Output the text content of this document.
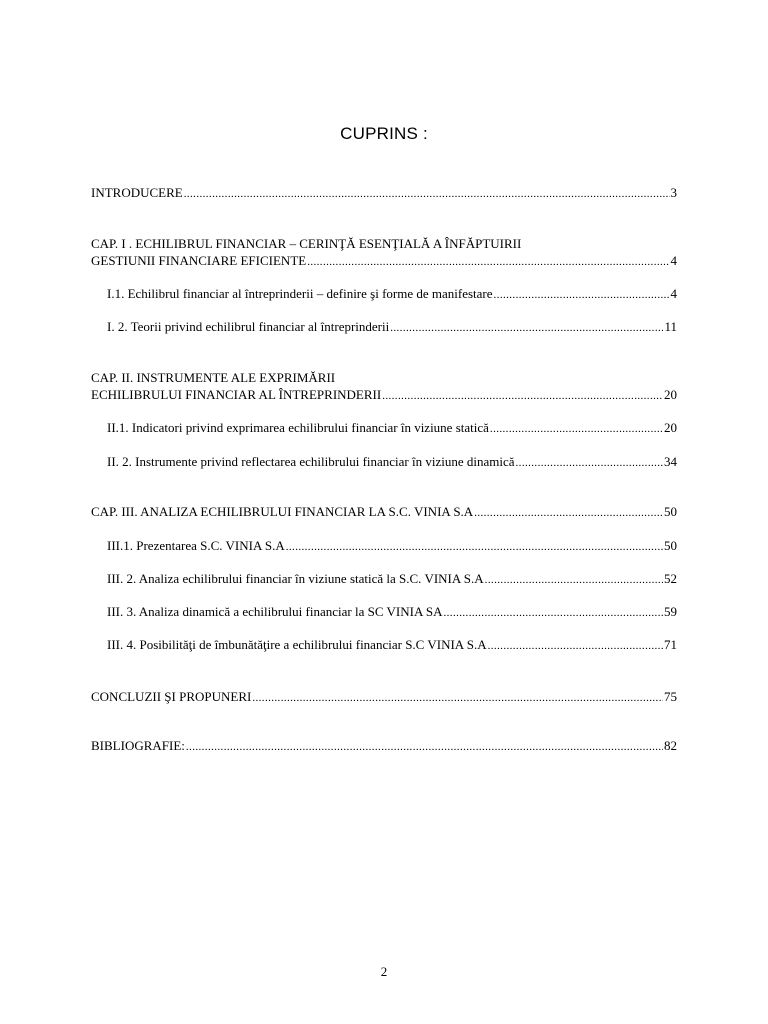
CUPRINS :
INTRODUCERE .....	3
CAP. I . ECHILIBRUL FINANCIAR – CERINŢĂ ESENŢIALĂ A ÎNFĂPTUIRII
GESTIUNII FINANCIARE EFICIENTE .....	4
I.1. Echilibrul financiar al întreprinderii – definire şi forme de manifestare .....	4
I. 2. Teorii privind echilibrul financiar al întreprinderii .....	11
CAP. II. INSTRUMENTE ALE EXPRIMĂRII
ECHILIBRULUI FINANCIAR AL ÎNTREPRINDERII .....	20
II.1. Indicatori privind exprimarea echilibrului financiar în viziune statică .....	20
II. 2. Instrumente privind reflectarea echilibrului financiar în viziune dinamică .....	34
CAP. III. ANALIZA ECHILIBRULUI FINANCIAR LA S.C. VINIA S.A .....	50
III.1. Prezentarea S.C. VINIA S.A .....	50
III. 2. Analiza echilibrului financiar în viziune statică la S.C. VINIA S.A .....	52
III. 3. Analiza dinamică a echilibrului financiar la SC VINIA SA .....	59
III. 4. Posibilităţi de îmbunătăţire a echilibrului financiar S.C VINIA S.A .....	71
CONCLUZII ŞI PROPUNERI .....	75
BIBLIOGRAFIE: .....	82
2
